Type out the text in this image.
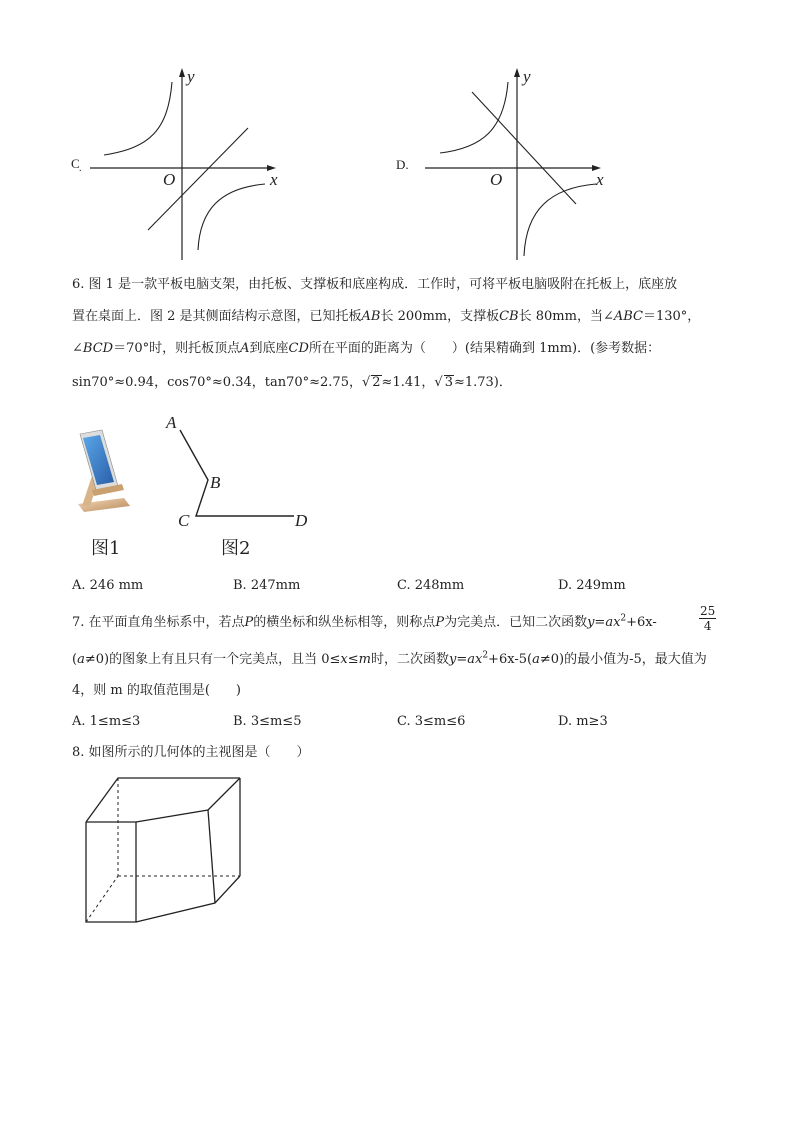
C .
O	x
y
D.
O	x
y
6. 图 1 是一款平板电脑支架，由托板、支撑板和底座构成．工作时，可将平板电脑吸附在托板上，底座放
置在桌面上．图 2 是其侧面结构示意图，已知托板AB长 200mm，支撑板CB长 80mm，当∠ABC＝130°，
∠BCD＝70°时，则托板顶点A到底座CD所在平面的距离为（　　）(结果精确到 1mm)．(参考数据：
sin70°≈0.94，cos70°≈0.34，tan70°≈2.75，√ 2≈1.41，√ 3≈1.73)．
图1
A
B
C	D
图2
A. 246 mm	B. 247mm	C. 248mm	D. 249mm
7. 在平面直角坐标系中，若点P的横坐标和纵坐标相等，则称点P为完美点．已知二次函数$y=ax^2+6x-$	$\frac{25}{4}$
(a≠0)的图象上有且只有一个完美点，且当 0≤x≤m时，二次函数$y=ax^2+6x-5(a\ne 0)$的最小值为-5，最大值为
4，则 m 的取值范围是(　　)
A. 1≤m≤3	B. 3≤m≤5	C. 3≤m≤6	D. m≥3
8. 如图所示的几何体的主视图是（　　）
